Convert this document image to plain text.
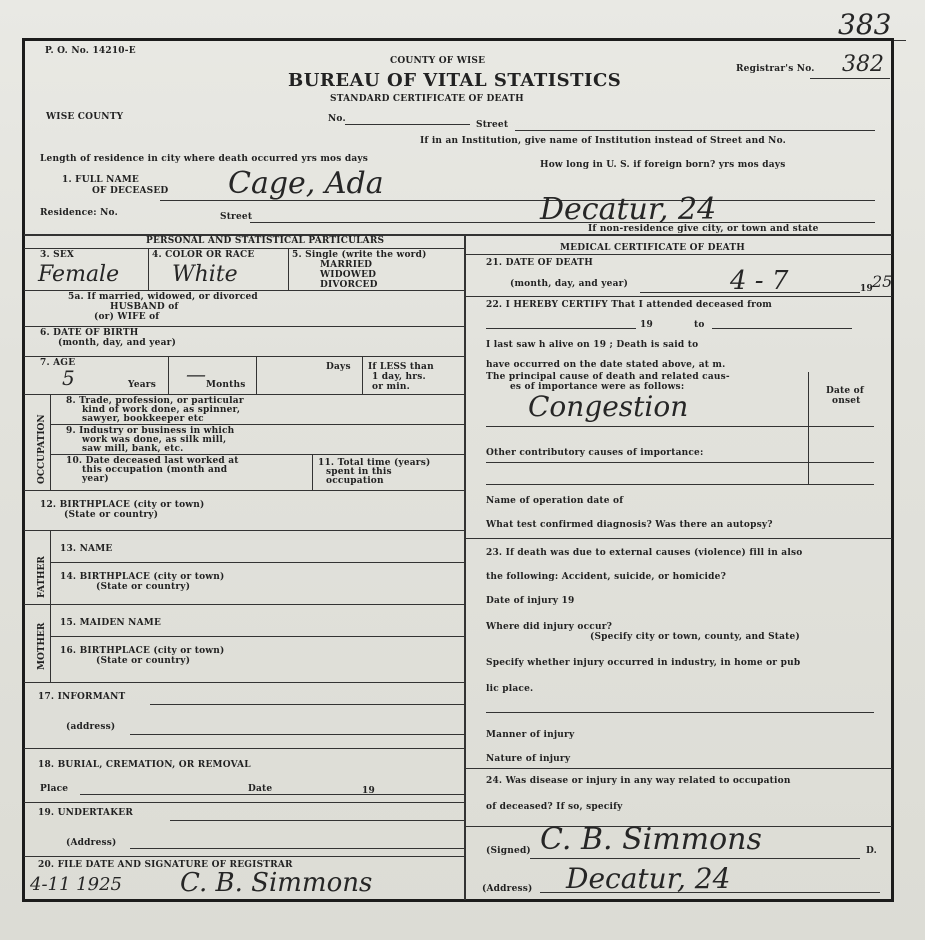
383
P. O. No. 14210-E
COUNTY OF WISE
BUREAU OF VITAL STATISTICS
STANDARD CERTIFICATE OF DEATH
Registrar's No. 382
WISE COUNTY	No.
Street
If in an Institution, give name of Institution instead of Street and No.
Length of residence in city where death occurred yrs mos days
How long in U. S. if foreign born? yrs mos days
1. FULL NAME
OF DECEASED Cage, Ada
Residence: No.	Street	Decatur, 24
If non-residence give city, or town and state
PERSONAL AND STATISTICAL PARTICULARS
MEDICAL CERTIFICATE OF DEATH
3. SEX	4. COLOR OR RACE	5. Single (write the word)
MARRIED
WIDOWED
DIVORCED
Female White
5a. If married, widowed, or divorced
HUSBAND of
(or) WIFE of
6. DATE OF BIRTH
(month, day, and year)
7. AGE
5	—
Years	Months
Days If LESS than
1 day, hrs.
or min.
OCCUPATION
8. Trade, profession, or particular
kind of work done, as spinner,
sawyer, bookkeeper etc
9. Industry or business in which
work was done, as silk mill,
saw mill, bank, etc.
10. Date deceased last worked at
this occupation (month and
year)
11. Total time (years)
spent in this
occupation
12. BIRTHPLACE (city or town)
(State or country)
FATHER
13. NAME
14. BIRTHPLACE (city or town)
(State or country)
MOTHER 15. MAIDEN NAME
16. BIRTHPLACE (city or town)
(State or country)
17. INFORMANT
(address)
18. BURIAL, CREMATION, OR REMOVAL
Place	Date	19
19. UNDERTAKER
(Address)
20. FILE DATE AND SIGNATURE OF REGISTRAR
4-11 1925 C. B. Simmons
21. DATE OF DEATH
(month, day, and year)	4 - 7	19 25
22. I HEREBY CERTIFY That I attended deceased from
19	to
I last saw h alive on 19 ; Death is said to
have occurred on the date stated above, at m.
The principal cause of death and related caus-
es of importance were as follows:	Date of
onset
Congestion
Other contributory causes of importance:
Name of operation date of
What test confirmed diagnosis? Was there an autopsy?
23. If death was due to external causes (violence) fill in also
the following: Accident, suicide, or homicide?
Date of injury 19
Where did injury occur?
(Specify city or town, county, and State)
Specify whether injury occurred in industry, in home or pub
lic place.
Manner of injury
Nature of injury
24. Was disease or injury in any way related to occupation
of deceased? If so, specify
(Signed) C. B. Simmons	D.
(Address) Decatur, 24
